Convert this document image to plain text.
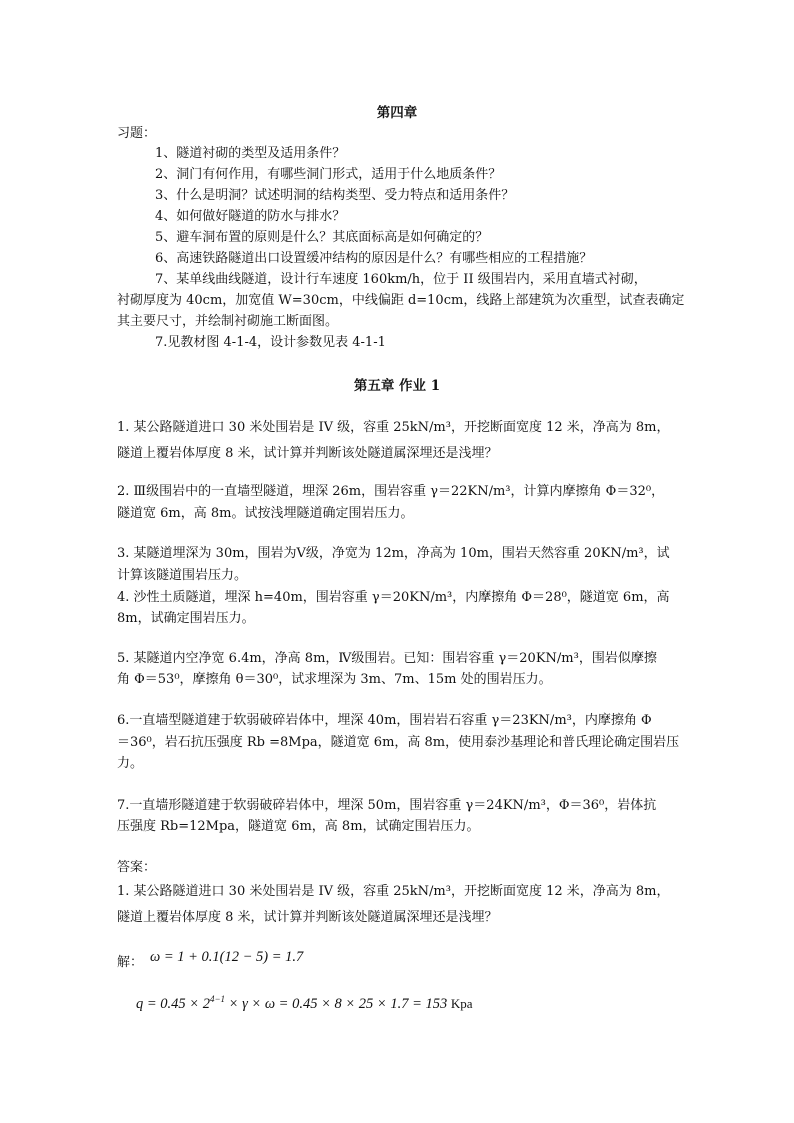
第四章
习题：
1、隧道衬砌的类型及适用条件？
2、洞门有何作用，有哪些洞门形式，适用于什么地质条件？
3、什么是明洞？试述明洞的结构类型、受力特点和适用条件？
4、如何做好隧道的防水与排水？
5、避车洞布置的原则是什么？其底面标高是如何确定的？
6、高速铁路隧道出口设置缓冲结构的原因是什么？有哪些相应的工程措施？
7、某单线曲线隧道，设计行车速度 160km/h，位于 II 级围岩内，采用直墙式衬砌，
衬砌厚度为 40cm，加宽值 W=30cm，中线偏距 d=10cm，线路上部建筑为次重型，试查表确定
其主要尺寸，并绘制衬砌施工断面图。
7.见教材图 4-1-4，设计参数见表 4-1-1
第五章 作业 1
1. 某公路隧道进口 30 米处围岩是 IV 级，容重 25kN/m³，开挖断面宽度 12 米，净高为 8m，
隧道上覆岩体厚度 8 米，试计算并判断该处隧道属深埋还是浅埋？
2. Ⅲ级围岩中的一直墙型隧道，埋深 26m，围岩容重 γ＝22KN/m³，计算内摩擦角 Φ＝32⁰，
隧道宽 6m，高 8m。试按浅埋隧道确定围岩压力。
3. 某隧道埋深为 30m，围岩为Ⅴ级，净宽为 12m，净高为 10m，围岩天然容重 20KN/m³，试
计算该隧道围岩压力。
4. 沙性土质隧道，埋深 h=40m，围岩容重 γ＝20KN/m³，内摩擦角 Φ＝28⁰，隧道宽 6m，高
8m，试确定围岩压力。
5. 某隧道内空净宽 6.4m，净高 8m，Ⅳ级围岩。已知：围岩容重 γ＝20KN/m³，围岩似摩擦
角 Φ＝53⁰，摩擦角 θ＝30⁰，试求埋深为 3m、7m、15m 处的围岩压力。
6.一直墙型隧道建于软弱破碎岩体中，埋深 40m，围岩岩石容重 γ＝23KN/m³，内摩擦角 Φ
＝36⁰，岩石抗压强度 Rb =8Mpa，隧道宽 6m，高 8m，使用泰沙基理论和普氏理论确定围岩压
力。
7.一直墙形隧道建于软弱破碎岩体中，埋深 50m，围岩容重 γ＝24KN/m³，Φ＝36⁰，岩体抗
压强度 Rb=12Mpa，隧道宽 6m，高 8m，试确定围岩压力。
答案：
1. 某公路隧道进口 30 米处围岩是 IV 级，容重 25kN/m³，开挖断面宽度 12 米，净高为 8m，
隧道上覆岩体厚度 8 米，试计算并判断该处隧道属深埋还是浅埋？
解： ω = 1 + 0.1(12 − 5) = 1.7
$q = 0.45 \times 2^{4-1} \times \gamma \times \omega = 0.45 \times 8 \times 25 \times 1.7 = 153$ Kpa
